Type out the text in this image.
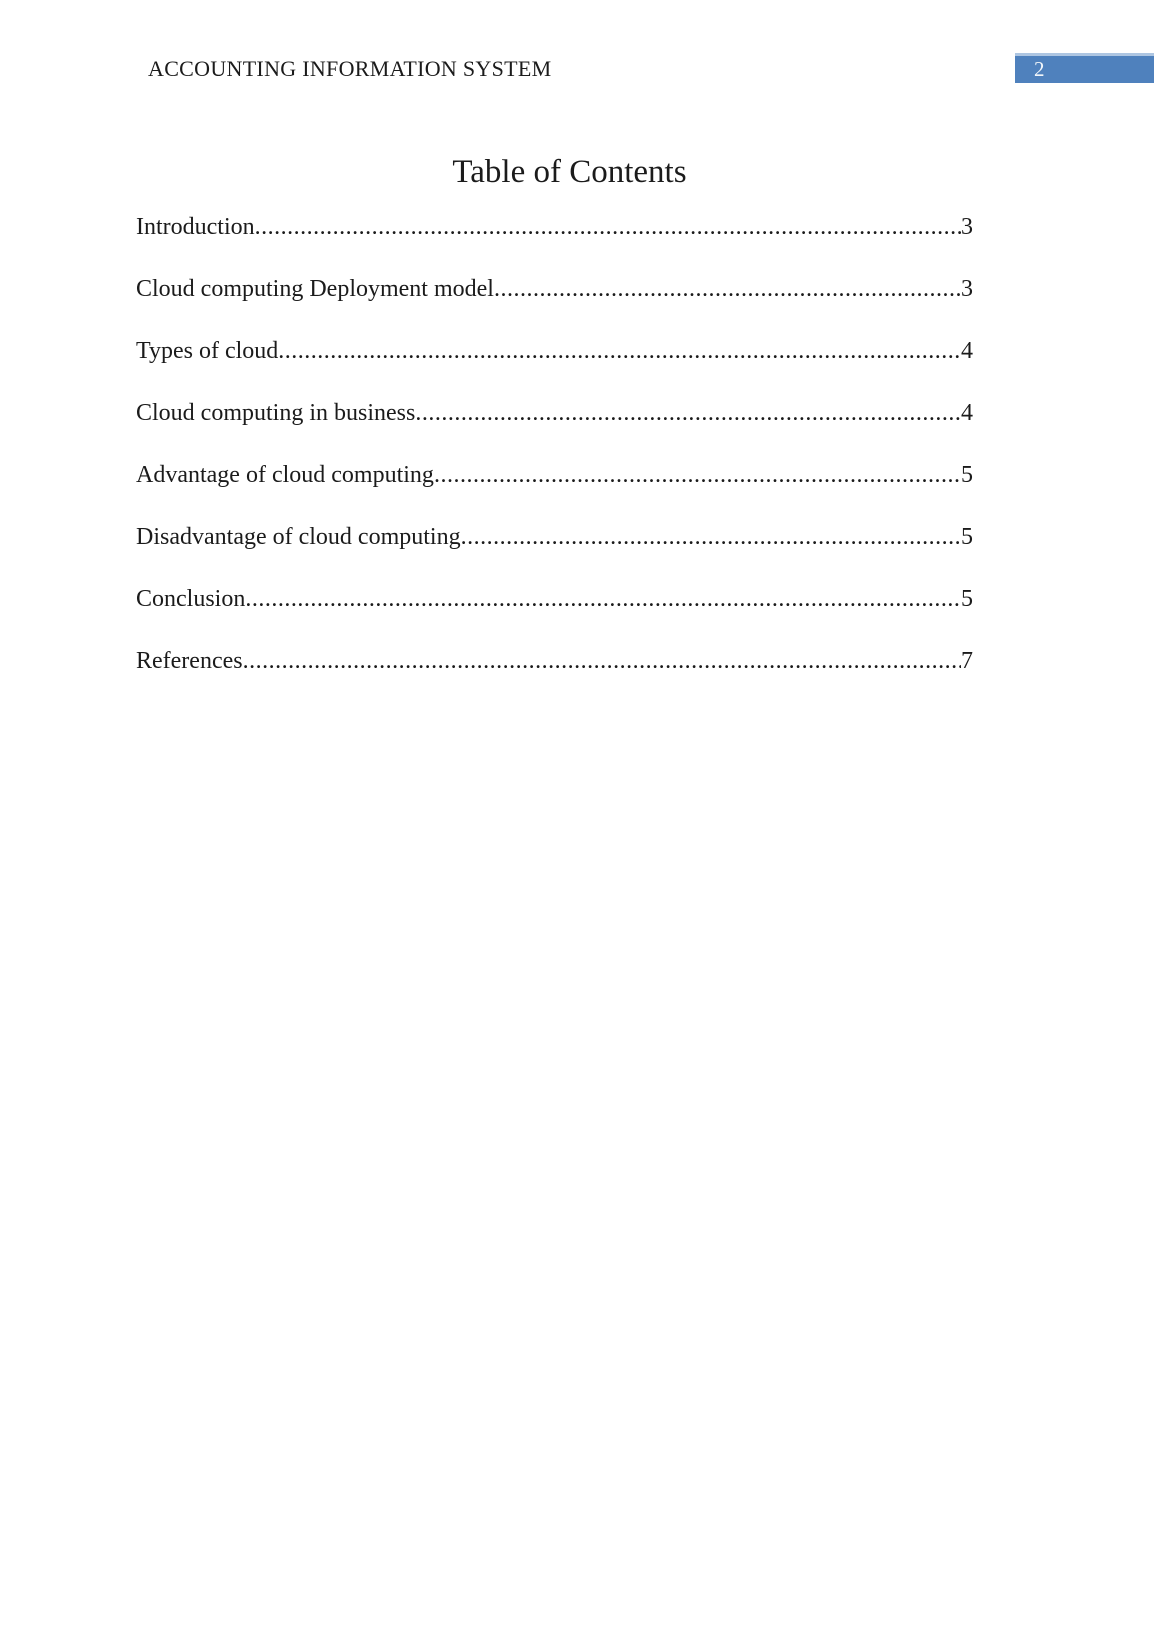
ACCOUNTING INFORMATION SYSTEM	2
Table of Contents
Introduction .....	3
Cloud computing Deployment model .....	3
Types of cloud .....	4
Cloud computing in business .....	4
Advantage of cloud computing .....	5
Disadvantage of cloud computing .....	5
Conclusion .....	5
References .....	7
